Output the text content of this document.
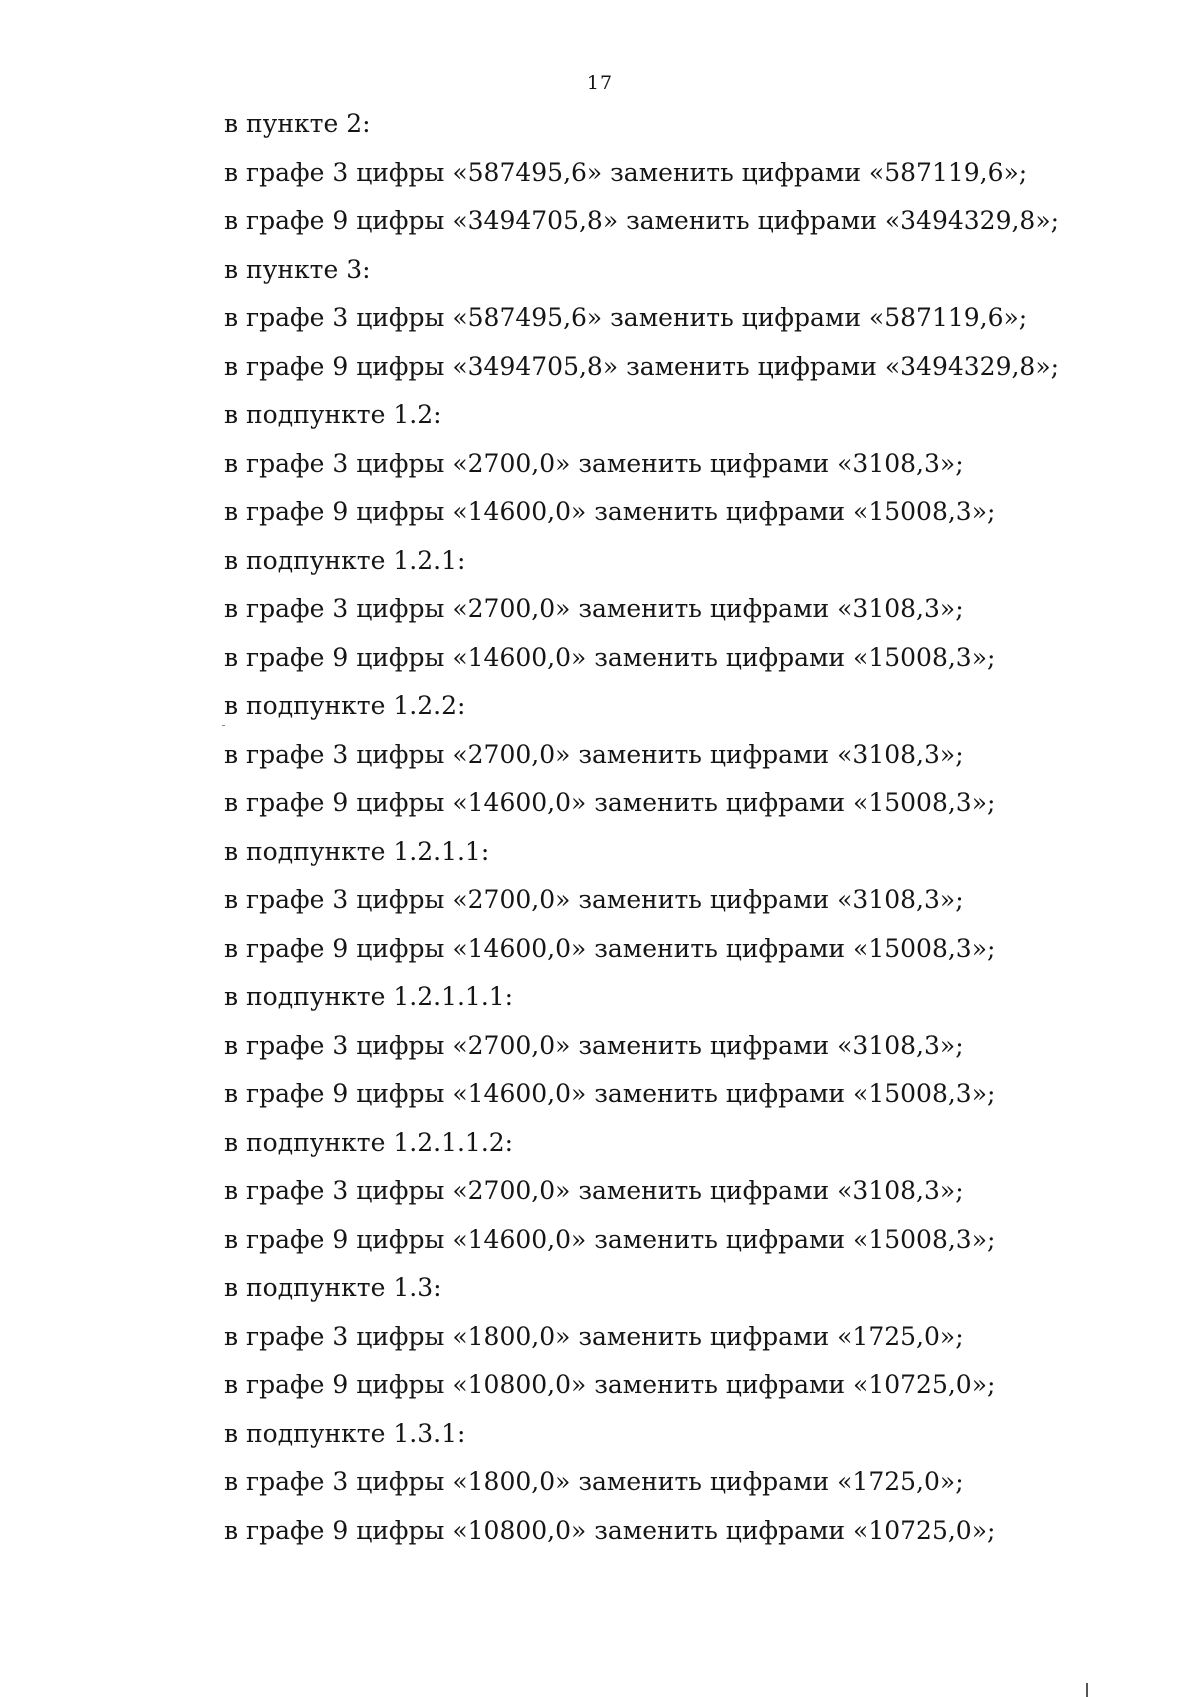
17
в пункте 2:
в графе 3 цифры «587495,6» заменить цифрами «587119,6»;
в графе 9 цифры «3494705,8» заменить цифрами «3494329,8»;
в пункте 3:
в графе 3 цифры «587495,6» заменить цифрами «587119,6»;
в графе 9 цифры «3494705,8» заменить цифрами «3494329,8»;
в подпункте 1.2:
в графе 3 цифры «2700,0» заменить цифрами «3108,3»;
в графе 9 цифры «14600,0» заменить цифрами «15008,3»;
в подпункте 1.2.1:
в графе 3 цифры «2700,0» заменить цифрами «3108,3»;
в графе 9 цифры «14600,0» заменить цифрами «15008,3»;
в подпункте 1.2.2:
в графе 3 цифры «2700,0» заменить цифрами «3108,3»;
в графе 9 цифры «14600,0» заменить цифрами «15008,3»;
в подпункте 1.2.1.1:
в графе 3 цифры «2700,0» заменить цифрами «3108,3»;
в графе 9 цифры «14600,0» заменить цифрами «15008,3»;
в подпункте 1.2.1.1.1:
в графе 3 цифры «2700,0» заменить цифрами «3108,3»;
в графе 9 цифры «14600,0» заменить цифрами «15008,3»;
в подпункте 1.2.1.1.2:
в графе 3 цифры «2700,0» заменить цифрами «3108,3»;
в графе 9 цифры «14600,0» заменить цифрами «15008,3»;
в подпункте 1.3:
в графе 3 цифры «1800,0» заменить цифрами «1725,0»;
в графе 9 цифры «10800,0» заменить цифрами «10725,0»;
в подпункте 1.3.1:
в графе 3 цифры «1800,0» заменить цифрами «1725,0»;
в графе 9 цифры «10800,0» заменить цифрами «10725,0»;
